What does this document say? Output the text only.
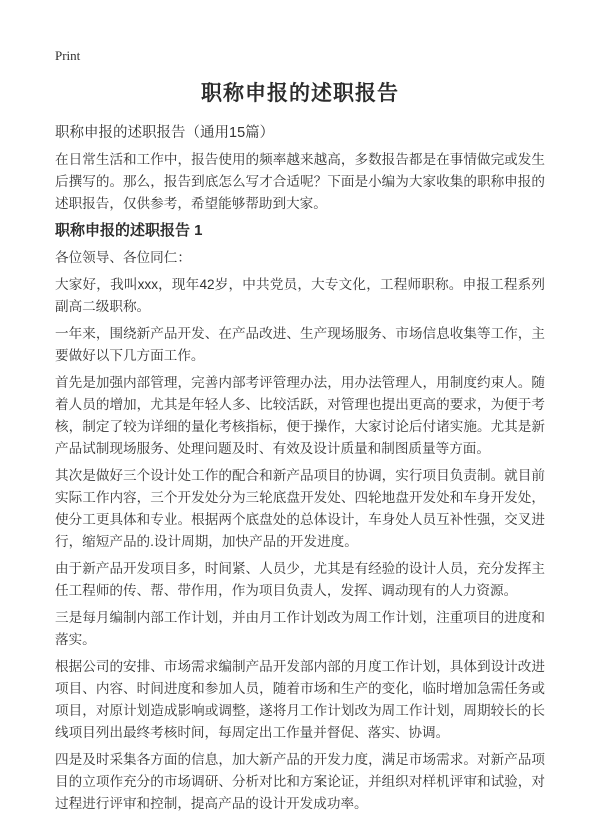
Print
职称申报的述职报告

职称申报的述职报告（通用15篇）

在日常生活和工作中，报告使用的频率越来越高，多数报告都是在事情做完或发生后撰写的。那么，报告到底怎么写才合适呢？下面是小编为大家收集的职称申报的述职报告，仅供参考，希望能够帮助到大家。

职称申报的述职报告 1

各位领导、各位同仁：

大家好，我叫xxx，现年42岁，中共党员，大专文化，工程师职称。申报工程系列副高二级职称。

一年来，围绕新产品开发、在产品改进、生产现场服务、市场信息收集等工作，主要做好以下几方面工作。

首先是加强内部管理，完善内部考评管理办法，用办法管理人，用制度约束人。随着人员的增加，尤其是年轻人多、比较活跃，对管理也提出更高的要求，为便于考核，制定了较为详细的量化考核指标，便于操作，大家讨论后付诸实施。尤其是新产品试制现场服务、处理问题及时、有效及设计质量和制图质量等方面。

其次是做好三个设计处工作的配合和新产品项目的协调，实行项目负责制。就目前实际工作内容，三个开发处分为三轮底盘开发处、四轮地盘开发处和车身开发处，使分工更具体和专业。根据两个底盘处的总体设计，车身处人员互补性强，交叉进行，缩短产品的.设计周期，加快产品的开发进度。

由于新产品开发项目多，时间紧、人员少，尤其是有经验的设计人员，充分发挥主任工程师的传、帮、带作用，作为项目负责人，发挥、调动现有的人力资源。

三是每月编制内部工作计划，并由月工作计划改为周工作计划，注重项目的进度和落实。

根据公司的安排、市场需求编制产品开发部内部的月度工作计划，具体到设计改进项目、内容、时间进度和参加人员，随着市场和生产的变化，临时增加急需任务或项目，对原计划造成影响或调整，遂将月工作计划改为周工作计划，周期较长的长线项目列出最终考核时间，每周定出工作量并督促、落实、协调。

四是及时采集各方面的信息，加大新产品的开发力度，满足市场需求。对新产品项目的立项作充分的市场调研、分析对比和方案论证，并组织对样机评审和试验，对过程进行评审和控制，提高产品的设计开发成功率。
